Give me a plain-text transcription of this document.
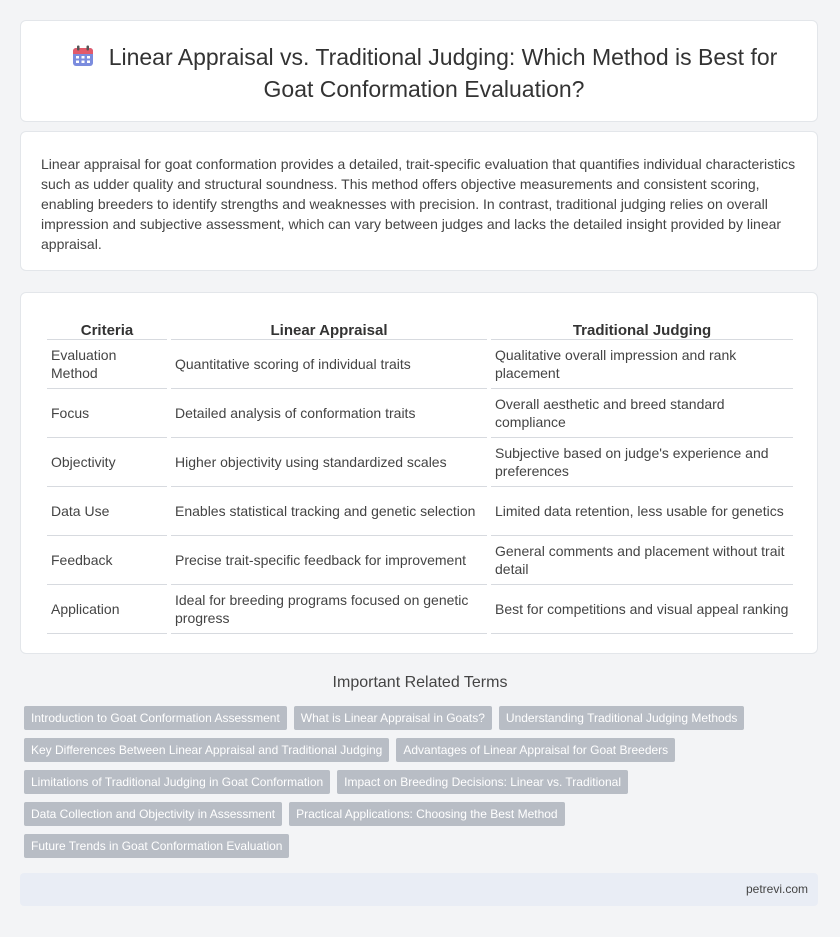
Linear Appraisal vs. Traditional Judging: Which Method is Best for Goat Conformation Evaluation?

Linear appraisal for goat conformation provides a detailed, trait-specific evaluation that quantifies individual characteristics such as udder quality and structural soundness. This method offers objective measurements and consistent scoring, enabling breeders to identify strengths and weaknesses with precision. In contrast, traditional judging relies on overall impression and subjective assessment, which can vary between judges and lacks the detailed insight provided by linear appraisal.

Criteria	Linear Appraisal	Traditional Judging
Evaluation Method	Quantitative scoring of individual traits	Qualitative overall impression and rank placement
Focus	Detailed analysis of conformation traits	Overall aesthetic and breed standard compliance
Objectivity	Higher objectivity using standardized scales	Subjective based on judge's experience and preferences
Data Use	Enables statistical tracking and genetic selection	Limited data retention, less usable for genetics
Feedback	Precise trait-specific feedback for improvement	General comments and placement without trait detail
Application	Ideal for breeding programs focused on genetic progress	Best for competitions and visual appeal ranking
Important Related Terms
Introduction to Goat Conformation Assessment What is Linear Appraisal in Goats? Understanding Traditional Judging Methods
Key Differences Between Linear Appraisal and Traditional Judging Advantages of Linear Appraisal for Goat Breeders
Limitations of Traditional Judging in Goat Conformation Impact on Breeding Decisions: Linear vs. Traditional
Data Collection and Objectivity in Assessment Practical Applications: Choosing the Best Method
Future Trends in Goat Conformation Evaluation
petrevi.com
